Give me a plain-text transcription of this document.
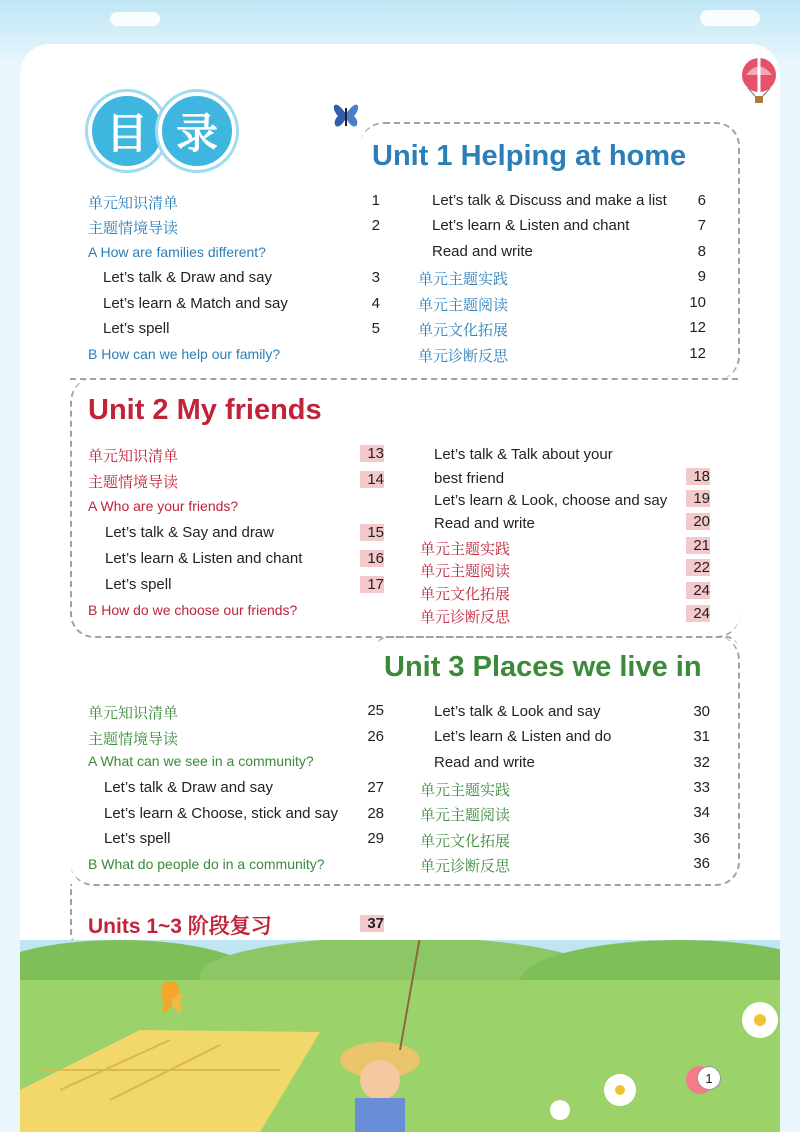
目 录	Unit 1 Helping at home
单元知识清单	1
主题情境导读	2
A How are families different?
Let’s talk & Draw and say	3
Let’s learn & Match and say	4
Let’s spell	5
B How can we help our family?
Let’s talk & Discuss and make a list	6
Let’s learn & Listen and chant	7
Read and write	8
单元主题实践	9
单元主题阅读	10
单元文化拓展	12
单元诊断反思	12
Unit 2 My friends
单元知识清单	13
主题情境导读	14
A Who are your friends?
Let’s talk & Say and draw	15
Let’s learn & Listen and chant	16
Let’s spell	17
B How do we choose our friends?
Let’s talk & Talk about your
best friend	18
Let’s learn & Look, choose and say	19
Read and write	20
单元主题实践	21
单元主题阅读	22
单元文化拓展	24
单元诊断反思	24
Unit 3 Places we live in
单元知识清单	25
主题情境导读	26
A What can we see in a community?
Let’s talk & Draw and say	27
Let’s learn & Choose, stick and say	28
Let’s spell	29
B What do people do in a community?
Let’s talk & Look and say	30
Let’s learn & Listen and do	31
Read and write	32
单元主题实践	33
单元主题阅读	34
单元文化拓展	36
单元诊断反思	36
Units 1~3 阶段复习	37
1
